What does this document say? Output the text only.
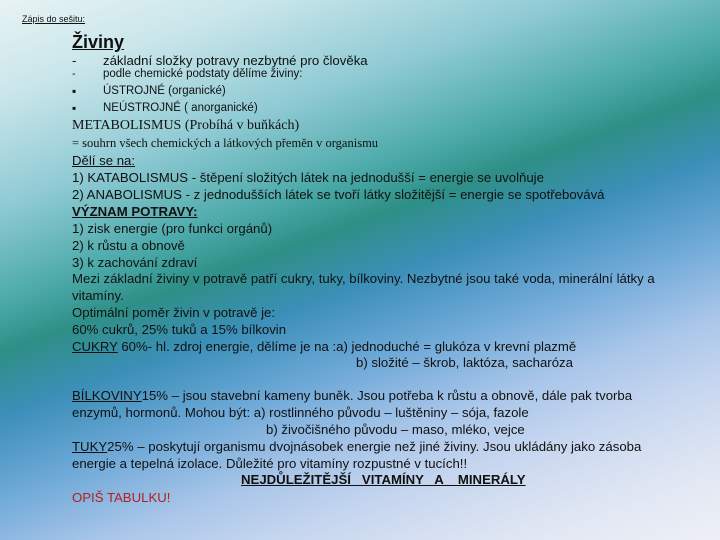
Zápis do sešitu:
Živiny
- základní složky potravy nezbytné pro člověka
- podle chemické podstaty dělíme živiny:
▪ ÚSTROJNÉ (organické)
▪ NEÚSTROJNÉ ( anorganické)
METABOLISMUS (Probíhá v buňkách)
= souhrn všech chemických a látkových přeměn v organismu
Dělí se na:
1) KATABOLISMUS - štěpení složitých látek na jednodušší = energie se uvolňuje
2) ANABOLISMUS - z jednodušších látek se tvoří látky složitější = energie se spotřebovává
VÝZNAM POTRAVY:
1) zisk energie (pro funkci orgánů)
2) k růstu a obnově
3) k zachování zdraví
Mezi základní živiny v potravě patří cukry, tuky, bílkoviny. Nezbytné jsou také voda, minerální látky a
vitamíny.
Optimální poměr živin v potravě je:
60% cukrů, 25% tuků a 15% bílkovin
CUKRY 60%- hl. zdroj energie, dělíme je na :a) jednoduché = glukóza v krevní plazmě
b) složité – škrob, laktóza, sacharóza
BÍLKOVINY15% – jsou stavební kameny buněk. Jsou potřeba k růstu a obnově, dále pak tvorba
enzymů, hormonů. Mohou být: a) rostlinného původu – luštěniny – sója, fazole
b) živočišného původu – maso, mléko, vejce
TUKY25% – poskytují organismu dvojnásobek energie než jiné živiny. Jsou ukládány jako zásoba
energie a tepelná izolace. Důležité pro vitamíny rozpustné v tucích!!
NEJDŮLEŽITĚJŠÍ   VITAMÍNY   A    MINERÁLY
OPIŠ TABULKU!
